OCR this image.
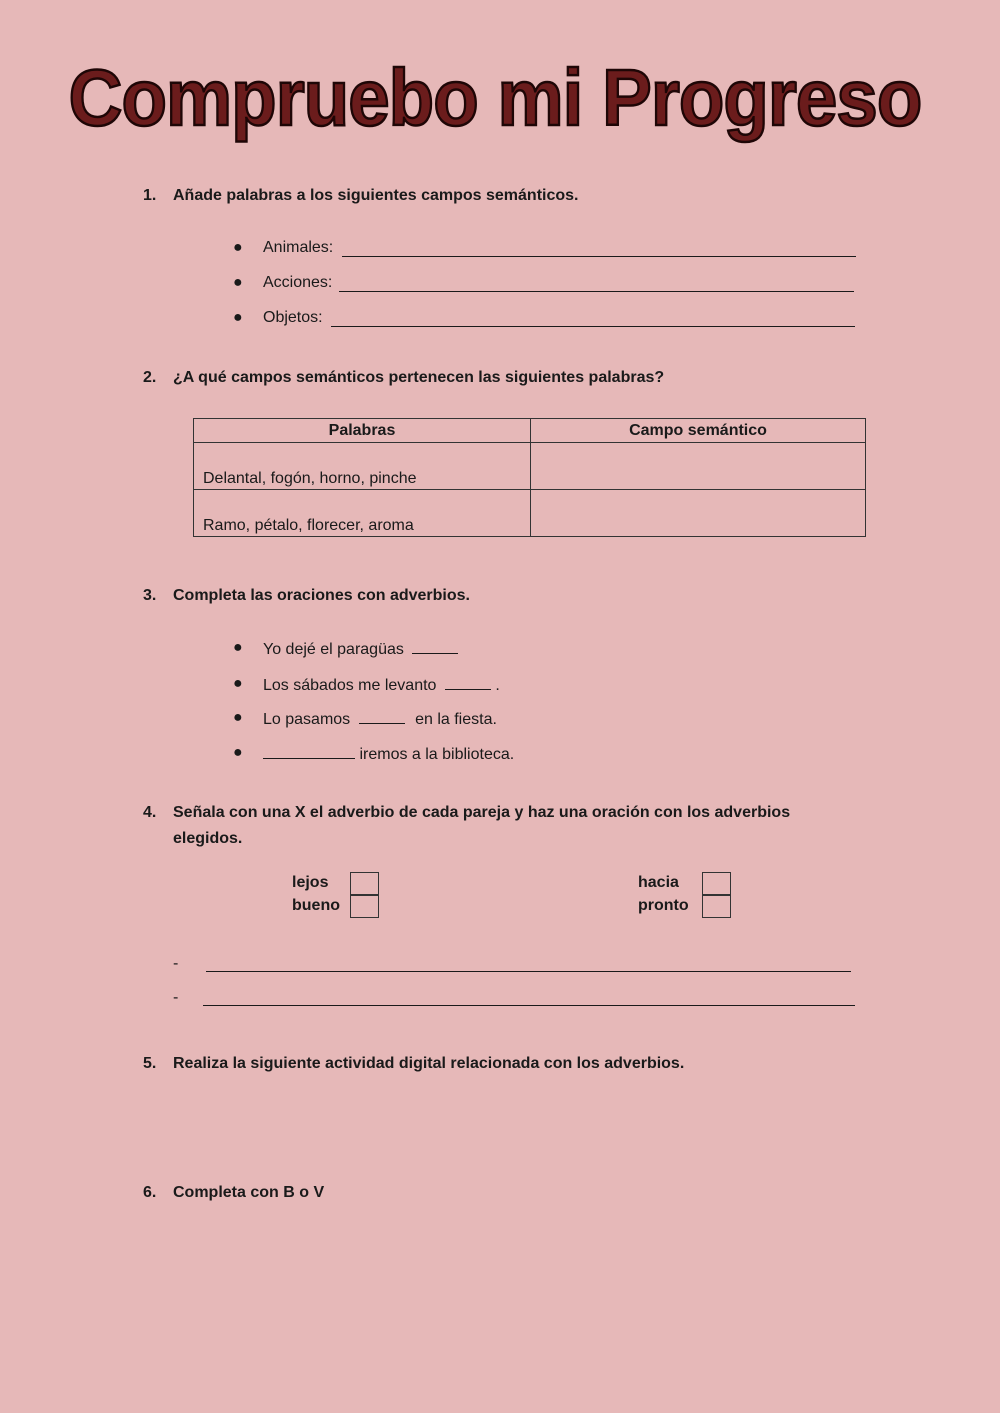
Compruebo mi Progreso
1. Añade palabras a los siguientes campos semánticos.
● Animales:
● Acciones:
● Objetos:
2. ¿A qué campos semánticos pertenecen las siguientes palabras?
Palabras	Campo semántico
Delantal, fogón, horno, pinche	
Ramo, pétalo, florecer, aroma	
3. Completa las oraciones con adverbios.
● Yo dejé el paragüas
● Los sábados me levanto	.
● Lo pasamos	en la fiesta.
●	iremos a la biblioteca.
4. Señala con una X el adverbio de cada pareja y haz una oración con los adverbios
elegidos.
lejos
bueno
hacia
pronto
-
-
5. Realiza la siguiente actividad digital relacionada con los adverbios.
6. Completa con B o V
